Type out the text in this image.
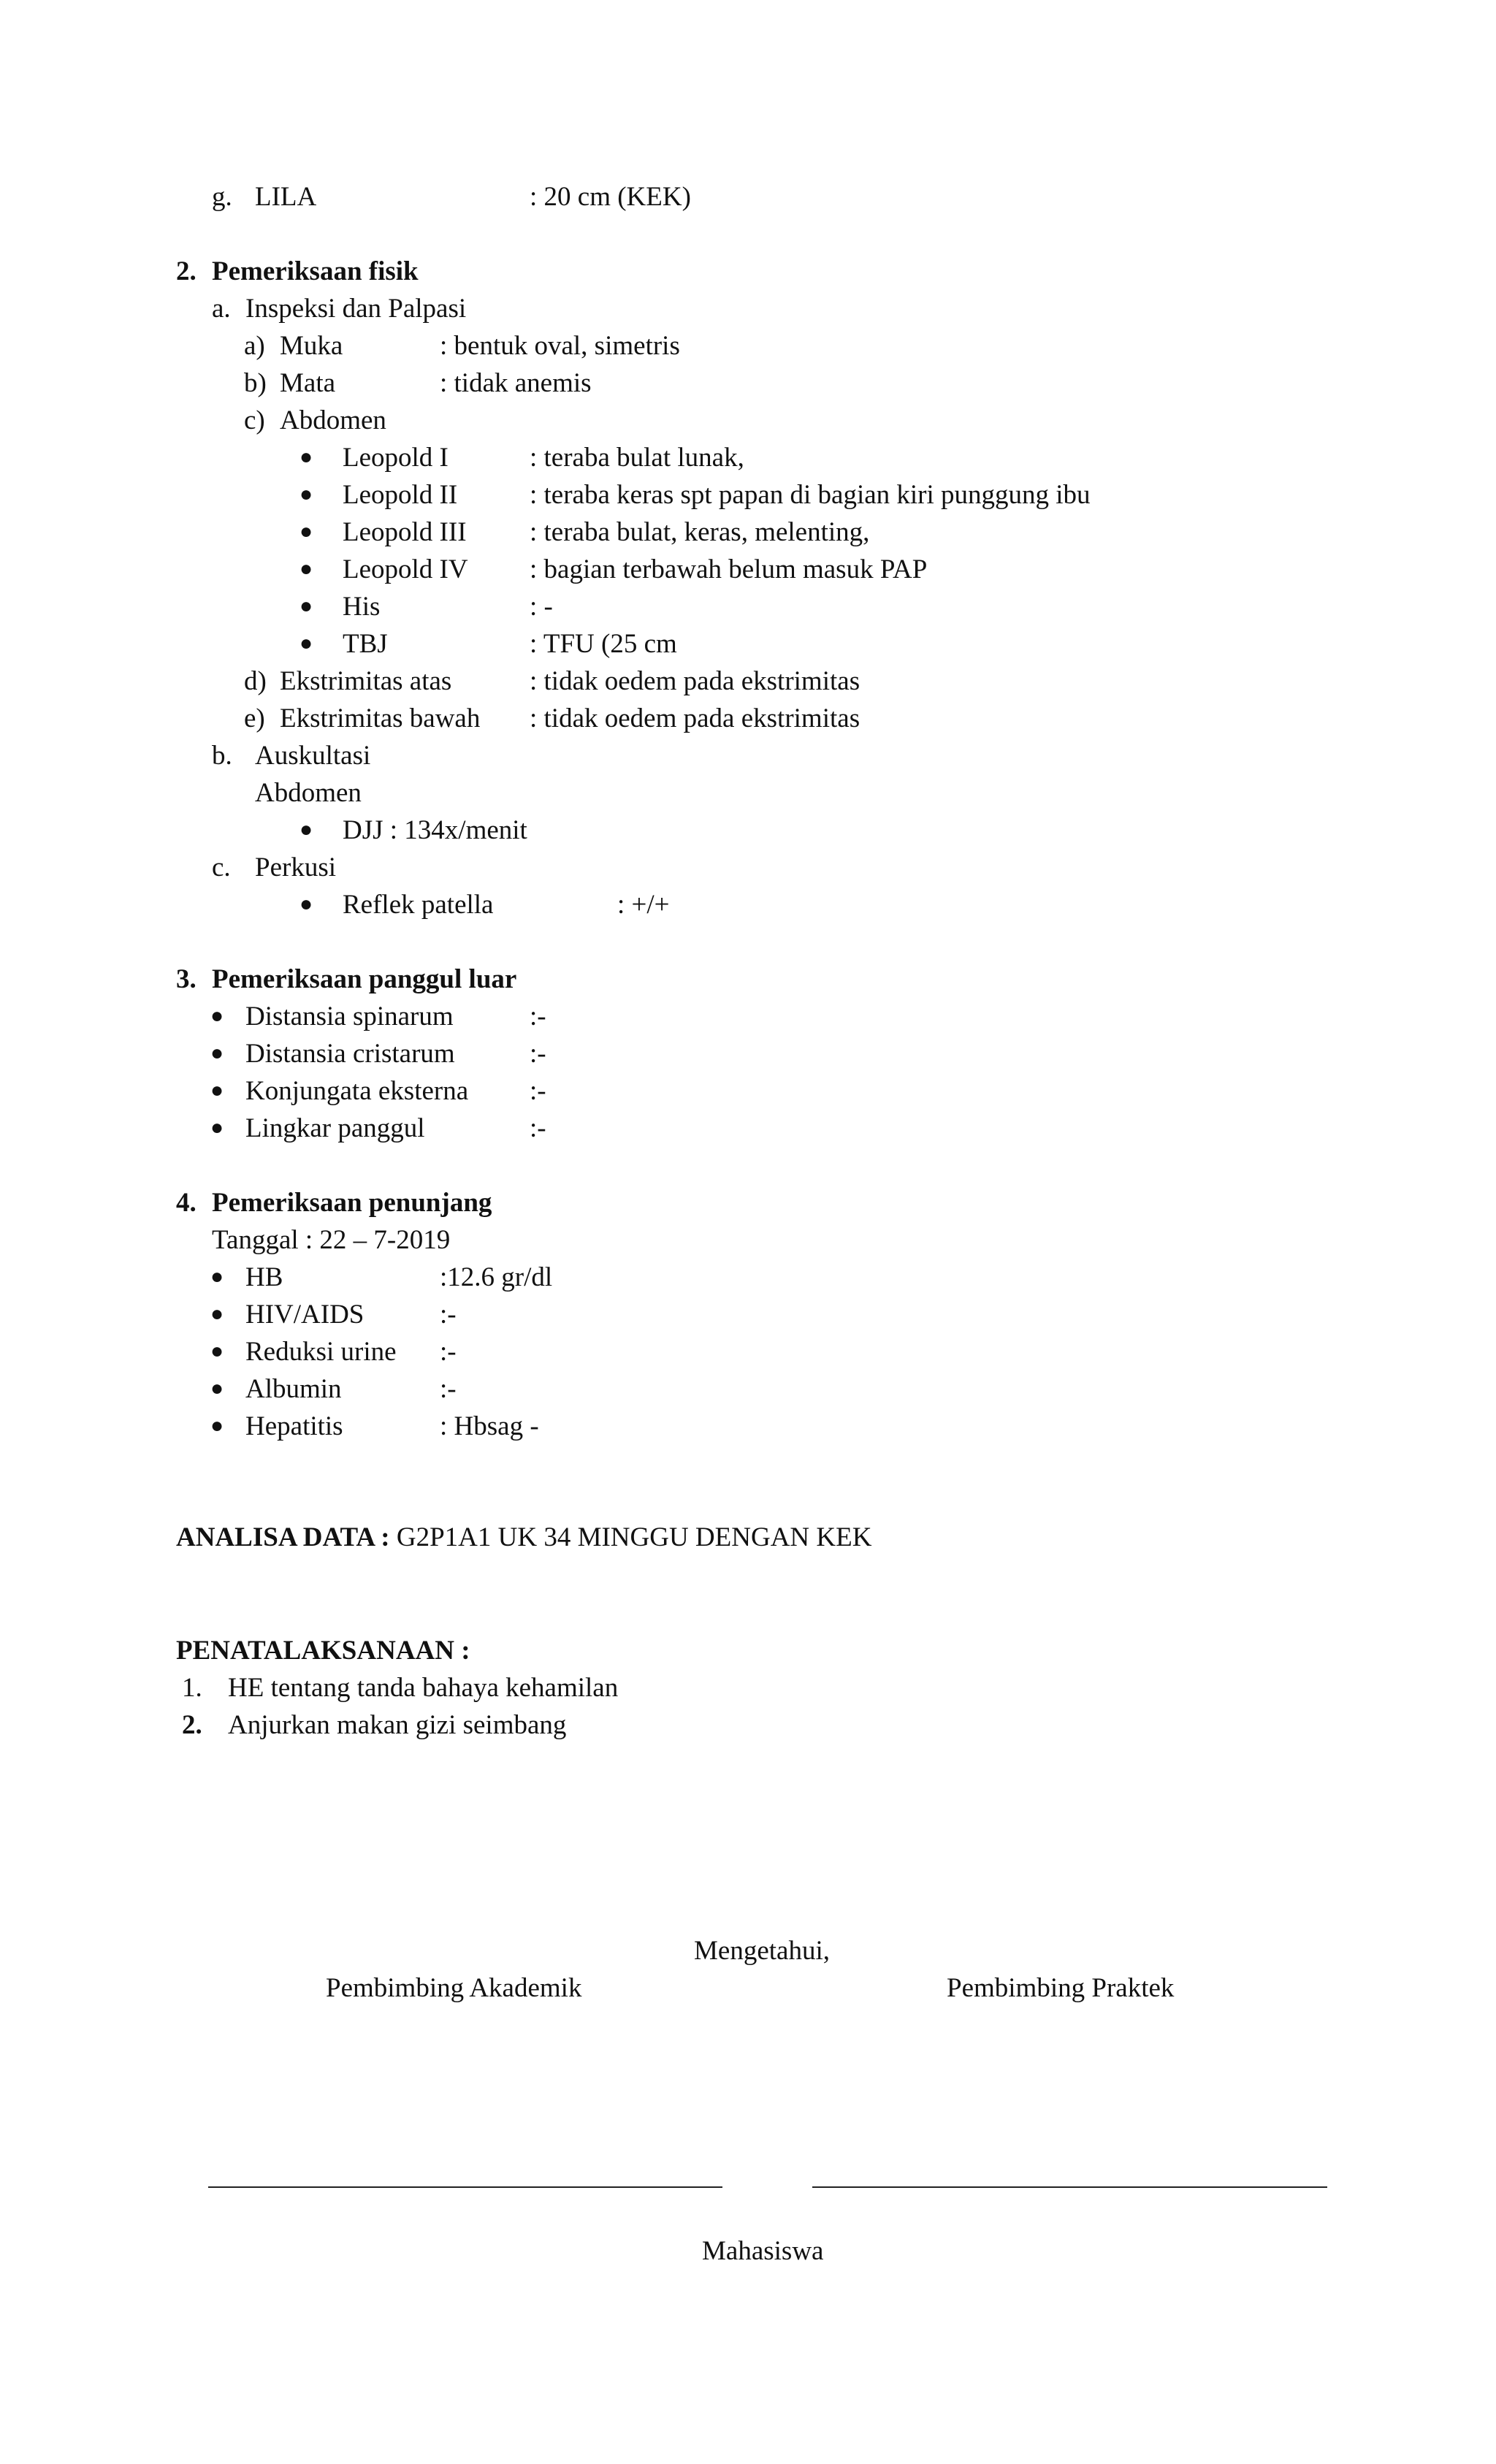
g. LILA	: 20 cm (KEK)
2. Pemeriksaan fisik
a. Inspeksi dan Palpasi
a) Muka	: bentuk oval, simetris
b) Mata	: tidak anemis
c) Abdomen
● Leopold I	: teraba bulat lunak,
● Leopold II	: teraba keras spt papan di bagian kiri punggung ibu
● Leopold III : teraba bulat, keras, melenting,
● Leopold IV : bagian terbawah belum masuk PAP
● His	: -
● TBJ	: TFU (25 cm
d) Ekstrimitas atas	: tidak oedem pada ekstrimitas
e) Ekstrimitas bawah : tidak oedem pada ekstrimitas
b. Auskultasi
Abdomen
● DJJ : 134x/menit
c. Perkusi
● Reflek patella	: +/+
3. Pemeriksaan panggul luar
● Distansia spinarum	:-
● Distansia cristarum	:-
● Konjungata eksterna :-
● Lingkar panggul	:-
4. Pemeriksaan penunjang
Tanggal : 22 – 7-2019
● HB	:12.6 gr/dl
● HIV/AIDS	:-
● Reduksi urine :-
● Albumin	:-
● Hepatitis	: Hbsag -
ANALISA DATA : G2P1A1 UK 34 MINGGU DENGAN KEK
PENATALAKSANAAN :
1. HE tentang tanda bahaya kehamilan
2. Anjurkan makan gizi seimbang
Mengetahui,
Pembimbing Akademik	Pembimbing Praktek
Mahasiswa
